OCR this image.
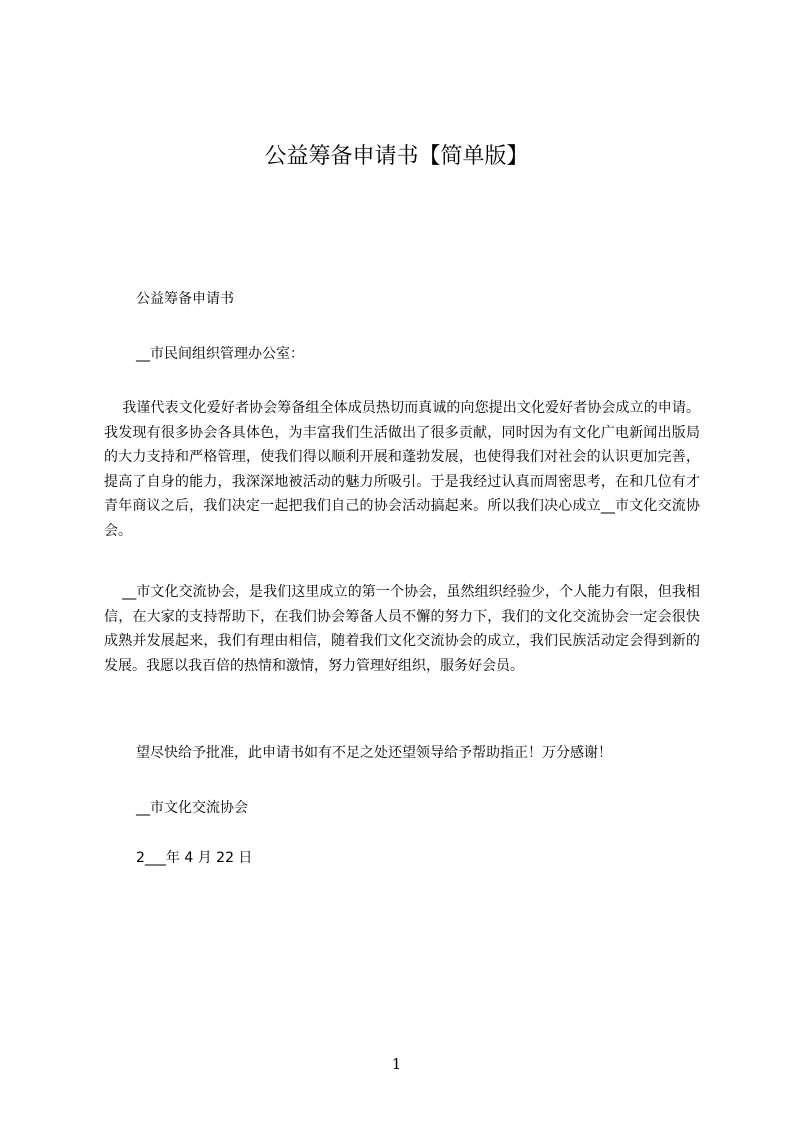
公益筹备申请书【简单版】
公益筹备申请书
__市民间组织管理办公室：
我谨代表文化爱好者协会筹备组全体成员热切而真诚的向您提出文化爱好者协会成立的申请。我发现有很多协会各具体色，为丰富我们生活做出了很多贡献，同时因为有文化广电新闻出版局的大力支持和严格管理，使我们得以顺利开展和蓬勃发展，也使得我们对社会的认识更加完善，提高了自身的能力，我深深地被活动的魅力所吸引。于是我经过认真而周密思考，在和几位有才青年商议之后，我们决定一起把我们自己的协会活动搞起来。所以我们决心成立__市文化交流协会。
__市文化交流协会，是我们这里成立的第一个协会，虽然组织经验少，个人能力有限，但我相信，在大家的支持帮助下，在我们协会筹备人员不懈的努力下，我们的文化交流协会一定会很快成熟并发展起来，我们有理由相信，随着我们文化交流协会的成立，我们民族活动定会得到新的发展。我愿以我百倍的热情和激情，努力管理好组织，服务好会员。
望尽快给予批准，此申请书如有不足之处还望领导给予帮助指正！万分感谢！
__市文化交流协会
2___年 4 月 22 日
1
